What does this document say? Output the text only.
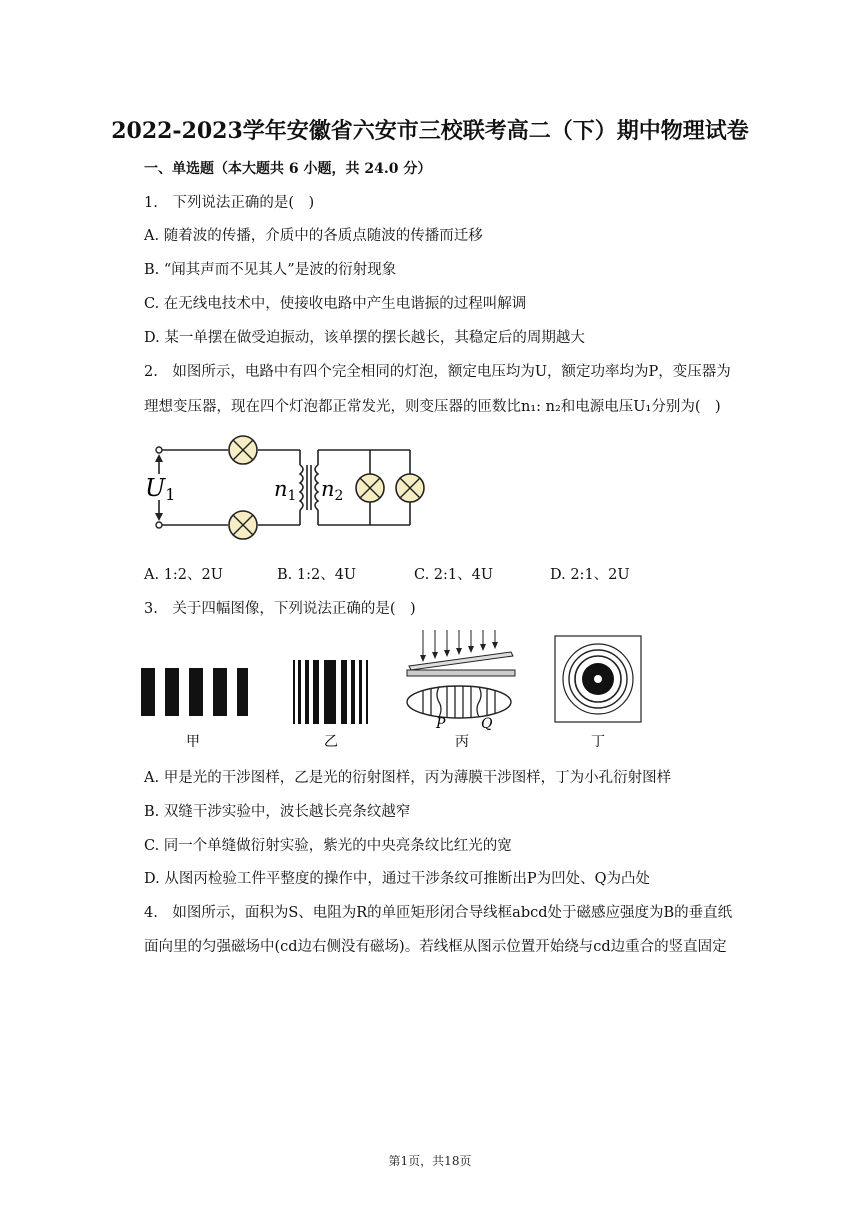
2022-2023学年安徽省六安市三校联考高二（下）期中物理试卷
一、单选题（本大题共 6 小题，共 24.0 分）
1.　下列说法正确的是(　)
A. 随着波的传播，介质中的各质点随波的传播而迁移
B. “闻其声而不见其人”是波的衍射现象
C. 在无线电技术中，使接收电路中产生电谐振的过程叫解调
D. 某一单摆在做受迫振动，该单摆的摆长越长，其稳定后的周期越大
2.　如图所示，电路中有四个完全相同的灯泡，额定电压均为U，额定功率均为P，变压器为
理想变压器，现在四个灯泡都正常发光，则变压器的匝数比n₁: n₂和电源电压U₁分别为(　)
U1	n1 n2
A. 1:2、2U	B. 1:2、4U	C. 2:1、4U	D. 2:1、2U
3.　关于四幅图像，下列说法正确的是(　)
P	Q
甲	乙	丙	丁
A. 甲是光的干涉图样，乙是光的衍射图样，丙为薄膜干涉图样，丁为小孔衍射图样
B. 双缝干涉实验中，波长越长亮条纹越窄
C. 同一个单缝做衍射实验，紫光的中央亮条纹比红光的宽
D. 从图丙检验工件平整度的操作中，通过干涉条纹可推断出P为凹处、Q为凸处
4.　如图所示，面积为S、电阻为R的单匝矩形闭合导线框abcd处于磁感应强度为B的垂直纸
面向里的匀强磁场中(cd边右侧没有磁场)。若线框从图示位置开始绕与cd边重合的竖直固定
第1页，共18页
